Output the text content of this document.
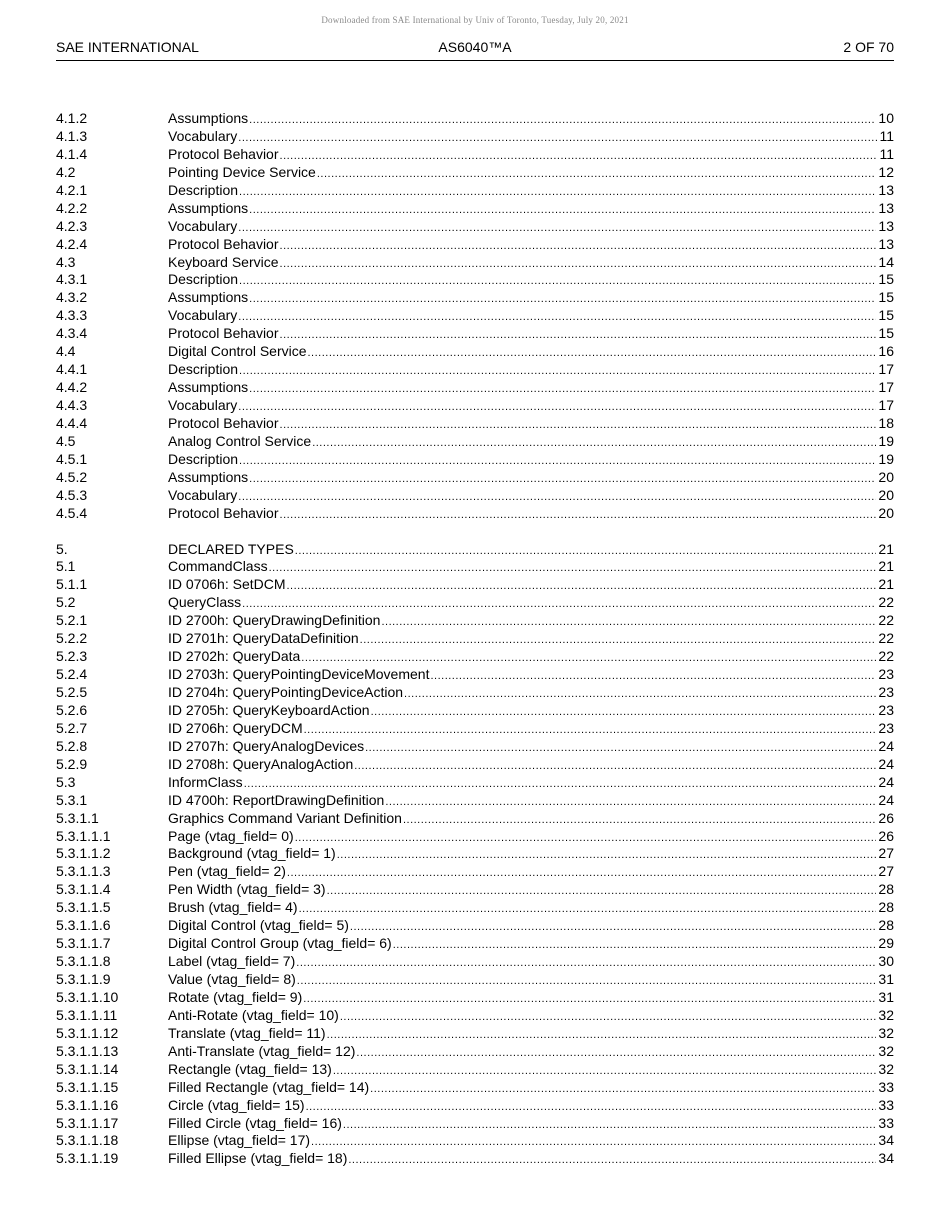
Downloaded from SAE International by Univ of Toronto, Tuesday, July 20, 2021
SAE INTERNATIONAL	AS6040™A	2 OF 70
4.1.2	Assumptions .....	10
4.1.3	Vocabulary .....	11
4.1.4	Protocol Behavior .....	11
4.2	Pointing Device Service .....	12
4.2.1	Description .....	13
4.2.2	Assumptions .....	13
4.2.3	Vocabulary .....	13
4.2.4	Protocol Behavior .....	13
4.3	Keyboard Service .....	14
4.3.1	Description .....	15
4.3.2	Assumptions .....	15
4.3.3	Vocabulary .....	15
4.3.4	Protocol Behavior .....	15
4.4	Digital Control Service .....	16
4.4.1	Description .....	17
4.4.2	Assumptions .....	17
4.4.3	Vocabulary .....	17
4.4.4	Protocol Behavior .....	18
4.5	Analog Control Service .....	19
4.5.1	Description .....	19
4.5.2	Assumptions .....	20
4.5.3	Vocabulary .....	20
4.5.4	Protocol Behavior .....	20
5.	DECLARED TYPES .....	21
5.1	CommandClass .....	21
5.1.1	ID 0706h: SetDCM .....	21
5.2	QueryClass .....	22
5.2.1	ID 2700h: QueryDrawingDefinition .....	22
5.2.2	ID 2701h: QueryDataDefinition .....	22
5.2.3	ID 2702h: QueryData .....	22
5.2.4	ID 2703h: QueryPointingDeviceMovement .....	23
5.2.5	ID 2704h: QueryPointingDeviceAction .....	23
5.2.6	ID 2705h: QueryKeyboardAction .....	23
5.2.7	ID 2706h: QueryDCM .....	23
5.2.8	ID 2707h: QueryAnalogDevices .....	24
5.2.9	ID 2708h: QueryAnalogAction .....	24
5.3	InformClass .....	24
5.3.1	ID 4700h: ReportDrawingDefinition .....	24
5.3.1.1	Graphics Command Variant Definition .....	26
5.3.1.1.1	Page (vtag_field= 0) .....	26
5.3.1.1.2	Background (vtag_field= 1) .....	27
5.3.1.1.3	Pen (vtag_field= 2) .....	27
5.3.1.1.4	Pen Width (vtag_field= 3) .....	28
5.3.1.1.5	Brush (vtag_field= 4) .....	28
5.3.1.1.6	Digital Control (vtag_field= 5) .....	28
5.3.1.1.7	Digital Control Group (vtag_field= 6) .....	29
5.3.1.1.8	Label (vtag_field= 7) .....	30
5.3.1.1.9	Value (vtag_field= 8) .....	31
5.3.1.1.10	Rotate (vtag_field= 9) .....	31
5.3.1.1.11	Anti-Rotate (vtag_field= 10) .....	32
5.3.1.1.12	Translate (vtag_field= 11) .....	32
5.3.1.1.13	Anti-Translate (vtag_field= 12) .....	32
5.3.1.1.14	Rectangle (vtag_field= 13) .....	32
5.3.1.1.15	Filled Rectangle (vtag_field= 14) .....	33
5.3.1.1.16	Circle (vtag_field= 15) .....	33
5.3.1.1.17	Filled Circle (vtag_field= 16) .....	33
5.3.1.1.18	Ellipse (vtag_field= 17) .....	34
5.3.1.1.19	Filled Ellipse (vtag_field= 18) .....	34
